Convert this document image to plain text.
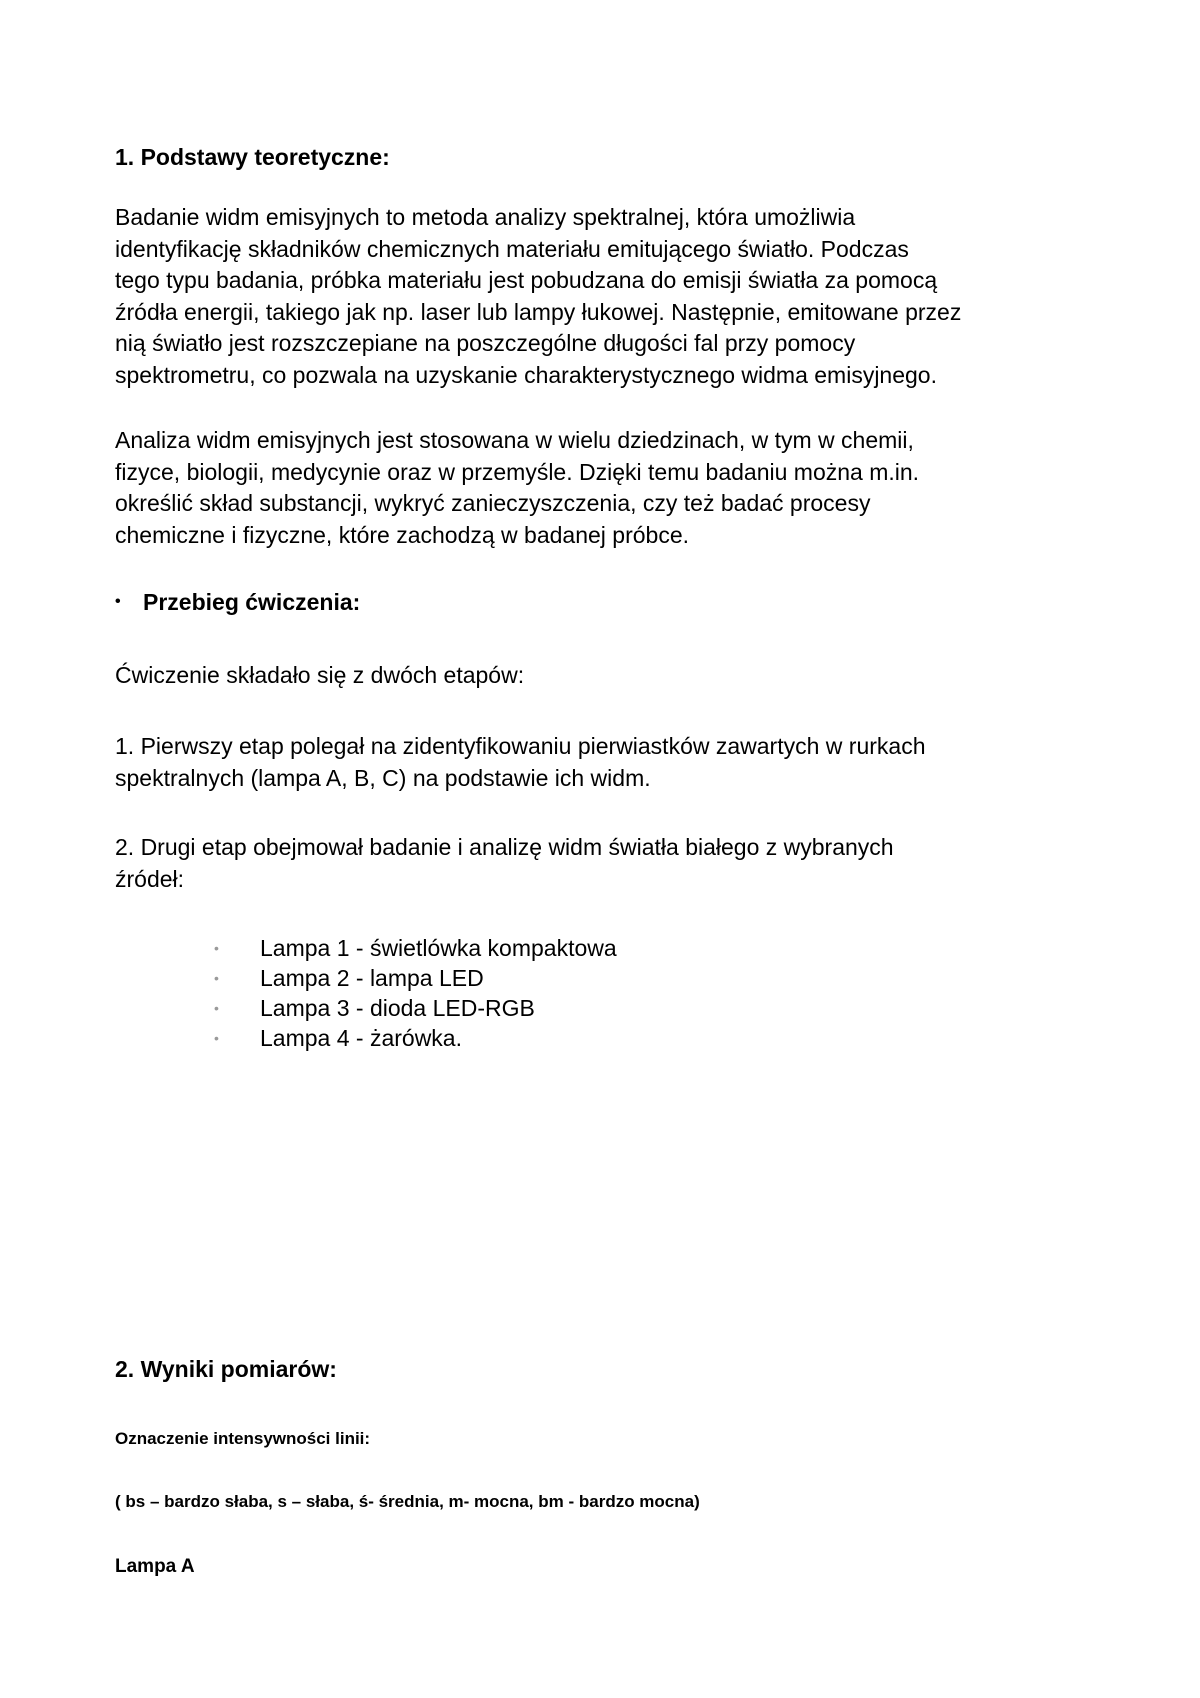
1. Podstawy teoretyczne:

Badanie widm emisyjnych to metoda analizy spektralnej, która umożliwia
identyfikację składników chemicznych materiału emitującego światło. Podczas
tego typu badania, próbka materiału jest pobudzana do emisji światła za pomocą
źródła energii, takiego jak np. laser lub lampy łukowej. Następnie, emitowane przez
nią światło jest rozszczepiane na poszczególne długości fal przy pomocy
spektrometru, co pozwala na uzyskanie charakterystycznego widma emisyjnego.

Analiza widm emisyjnych jest stosowana w wielu dziedzinach, w tym w chemii,
fizyce, biologii, medycynie oraz w przemyśle. Dzięki temu badaniu można m.in.
określić skład substancji, wykryć zanieczyszczenia, czy też badać procesy
chemiczne i fizyczne, które zachodzą w badanej próbce.

• Przebieg ćwiczenia:

Ćwiczenie składało się z dwóch etapów:

1. Pierwszy etap polegał na zidentyfikowaniu pierwiastków zawartych w rurkach
spektralnych (lampa A, B, C) na podstawie ich widm.

2. Drugi etap obejmował badanie i analizę widm światła białego z wybranych
źródeł:

• Lampa 1 - świetlówka kompaktowa
• Lampa 2 - lampa LED
• Lampa 3 - dioda LED-RGB
• Lampa 4 - żarówka.
2. Wyniki pomiarów:
Oznaczenie intensywności linii:
( bs – bardzo słaba, s – słaba, ś- średnia, m- mocna, bm - bardzo mocna)
Lampa A
